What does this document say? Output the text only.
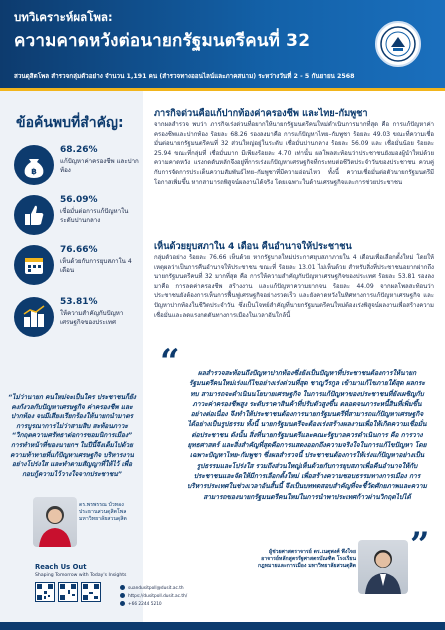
บทวิเคราะห์ผลโพล:
ความคาดหวังต่อนายกรัฐมนตรีคนที่ 32
สวนดุสิตโพล สำรวจกลุ่มตัวอย่าง จำนวน 1,191 คน (สำรวจทางออนไลน์และภาคสนาม) ระหว่างวันที่ 2 - 5 กันยายน 2568
ข้อค้นพบที่สำคัญ:
฿
68.26%
แก้ปัญหาค่าครองชีพ และปากท้อง
56.09%
เชื่อมั่นต่อการแก้ปัญหาในระดับปานกลาง
76.66%
เห็นด้วยกับการยุบสภาใน 4 เดือน
53.81%
ให้ความสำคัญกับปัญหาเศรษฐกิจของประเทศ
“ไม่ว่านายก คนใหม่จะเป็นใคร ประชาชนก็ยังคงกังวลกับปัญหาเศรษฐกิจ ค่าครองชีพ และปากท้อง จนมีเสียงเรียกร้องให้นายกนำมาตรการบูรณาการไม่ว่าสามสิบ สะท้อนภาวะ “วิกฤตความศรัทธาต่อการขอมนิการเมือง” การทำหน้าที่ของนายกฯ ในปีนี้จึงเต็มไปด้วยความท้าทายที่แก้ปัญหาเศรษฐกิจ บริหารงานอย่างโปร่งใส และทำตามสัญญาที่ให้ไว้ เพื่อกอบกู้ความไว้วางใจจากประชาชน”
ดร.พรพรรณ บัวทอง
ประธานสวนดุสิตโพล มหาวิทยาลัยสวนดุสิต
ภารกิจด่วนคือแก้ปากท้องค่าครองชีพ และไทย-กัมพูชา
จากผลสำรวจ พบว่า ภารกิจเร่งด่วนที่อยากให้นายกรัฐมนตรีคนใหม่ดำเนินการมากที่สุด คือ การแก้ปัญหาค่าครองชีพและปากท้อง ร้อยละ 68.26 รองลงมาคือ การแก้ปัญหาไทย–กัมพูชา ร้อยละ 49.03 ขณะที่ความเชื่อมั่นต่อนายกรัฐมนตรีคนที่ 32 ส่วนใหญ่อยู่ในระดับ เชื่อมั่นปานกลาง ร้อยละ 56.09 และ เชื่อมั่นน้อย ร้อยละ 25.94 ขณะที่กลุ่มที่ เชื่อมั่นมาก มีเพียงร้อยละ 4.70 เท่านั้น ผลโพลสะท้อนว่าประชาชนยังมองผู้นำใหม่ด้วยความคาดหวัง แรงกดดันหลักจึงอยู่ที่การเร่งแก้ปัญหาเศรษฐกิจที่กระทบต่อชีวิตประจำวันของประชาชน ควบคู่กับการจัดการประเด็นความสัมพันธ์ไทย–กัมพูชาที่มีความอ่อนไหว ทั้งนี้ ความเชื่อมั่นต่อตัวนายกรัฐมนตรีมีโอกาสเพิ่มขึ้น หากสามารถพิสูจน์ผลงานได้จริง โดยเฉพาะในด้านเศรษฐกิจและการช่วยประชาชน
เห็นด้วยยุบสภาใน 4 เดือน คืนอำนาจให้ประชาชน
กลุ่มตัวอย่าง ร้อยละ 76.66 เห็นด้วย หากรัฐบาลใหม่ประกาศยุบสภาภายใน 4 เดือนเพื่อเลือกตั้งใหม่ โดยให้เหตุผลว่าเป็นการคืนอำนาจให้ประชาชน ขณะที่ ร้อยละ 13.01 ไม่เห็นด้วย สำหรับสิ่งที่ประชาชนอยากฝากถึงนายกรัฐมนตรีคนที่ 32 มากที่สุด คือ การให้ความสำคัญกับปัญหาเศรษฐกิจของประเทศ ร้อยละ 53.81 รองลงมาคือ การลดค่าครองชีพ สร้างงาน และแก้ปัญหาความยากจน ร้อยละ 44.09 จากผลโพลสะท้อนว่า ประชาชนยังต้องการเห็นการฟื้นฟูเศรษฐกิจอย่างรวดเร็ว และยังคาดหวังในทิศทางการแก้ปัญหาเศรษฐกิจ และปัญหาปากท้องในชีวิตประจำวัน ซึ่งเป็นโจทย์สำคัญที่นายกรัฐมนตรีคนใหม่ต้องเร่งพิสูจน์ผลงานเพื่อสร้างความเชื่อมั่นและลดแรงกดดันทางการเมืองในเวลาอันใกล้นี้
“	ผลสำรวจสะท้อนถึงปัญหาปากท้องซึ่งยังเป็นปัญหาที่ประชาชนต้องการให้นายกรัฐมนตรีคนใหม่เร่งแก้ไขอย่างเร่งด่วนที่สุด ชาญวีรกูล เข้ามาแก้ไขภายใต้สุด ผลกระทบ สามารถจะดำเนินนโยบายเศรษฐกิจ ในการแก้ปัญหาของประชาชนที่ยังเผชิญกับภาวะค่าครองชีพสูง ระดับราคาสินค้าที่ปรับตัวสูงขึ้น ตลอดจนภาระหนี้สินที่เพิ่มขึ้นอย่างต่อเนื่อง จึงทำให้ประชาชนต้องการนายกรัฐมนตรีที่สามารถแก้ปัญหาเศรษฐกิจได้อย่างเป็นรูปธรรม ทั้งนี้ นายกรัฐมนตรีจะต้องเร่งสร้างผลงานเพื่อให้เกิดความเชื่อมั่นต่อประชาชน ดังนั้น สิ่งที่นายกรัฐมนตรีและคณะรัฐบาลควรดำเนินการ คือ การวางยุทธศาสตร์ และสิ่งสำคัญที่สุดคือการแสดงออกถึงความจริงใจในการแก้ไขปัญหา โดยเฉพาะปัญหาไทย-กัมพูชา ซึ่งผลสำรวจนี้ ประชาชนต้องการให้เร่งแก้ปัญหาอย่างเป็นรูปธรรมและโปร่งใส รวมถึงส่วนใหญ่เห็นด้วยกับการยุบสภาเพื่อคืนอำนาจให้กับประชาชนและจัดให้มีการเลือกตั้งใหม่ เพื่อสร้างความชอบธรรมทางการเมือง การบริหารประเทศในช่วงเวลาอันสั้นนี้ จึงเป็นบททดสอบสำคัญที่จะชี้วัดศักยภาพและความสามารถของนายกรัฐมนตรีคนใหม่ในการนำพาประเทศก้าวผ่านวิกฤตไปได้
”
ผู้ช่วยศาสตราจารย์ ดร.เนตุพงศ์ พึงใจย
อาจารย์หลักสูตรรัฐศาสตรบัณฑิต โรงเรียนกฎหมายและการเมือง มหาวิทยาลัยสวนดุสิต
Reach Us Out
Shaping Tomorrow with Today's Insights
suandusitpoll@dusit.ac.th
https://dusitpoll.dusit.ac.th/
+66 2244 5210
